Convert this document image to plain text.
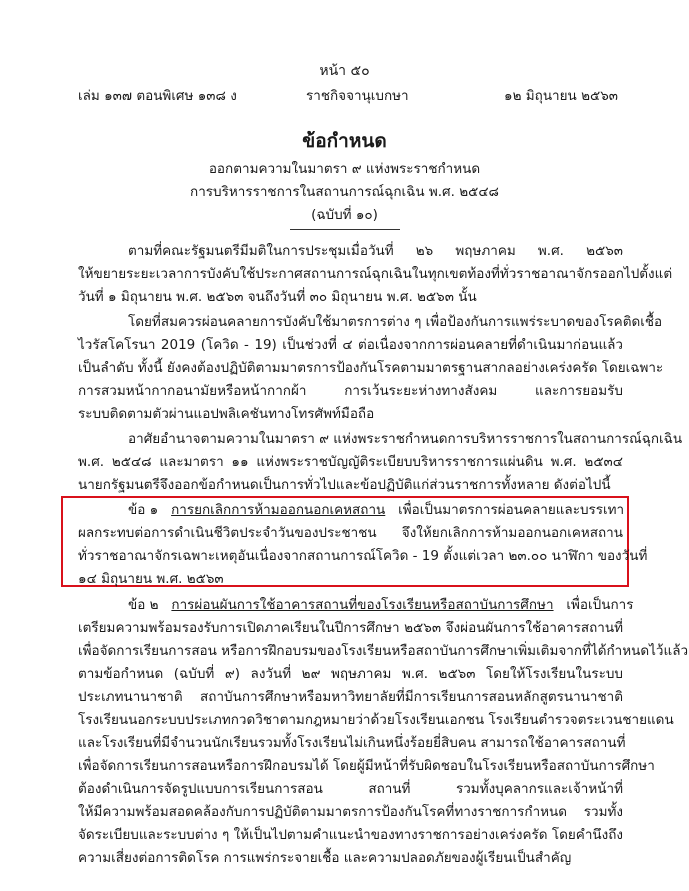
หน้า ๕๐
เล่ม ๑๓๗ ตอนพิเศษ ๑๓๘ ง	ราชกิจจานุเบกษา	๑๒ มิถุนายน ๒๕๖๓
ข้อกำหนด
ออกตามความในมาตรา ๙ แห่งพระราชกำหนด
การบริหารราชการในสถานการณ์ฉุกเฉิน พ.ศ. ๒๕๔๘
(ฉบับที่ ๑๐)
ตามที่คณะรัฐมนตรีมีมติในการประชุมเมื่อวันที่ ๒๖ พฤษภาคม พ.ศ. ๒๕๖๓
ให้ขยายระยะเวลาการบังคับใช้ประกาศสถานการณ์ฉุกเฉินในทุกเขตท้องที่ทั่วราชอาณาจักรออกไปตั้งแต่
วันที่ ๑ มิถุนายน พ.ศ. ๒๕๖๓ จนถึงวันที่ ๓๐ มิถุนายน พ.ศ. ๒๕๖๓ นั้น
โดยที่สมควรผ่อนคลายการบังคับใช้มาตรการต่าง ๆ เพื่อป้องกันการแพร่ระบาดของโรคติดเชื้อ
ไวรัสโคโรนา 2019 (โควิด - 19) เป็นช่วงที่ ๔ ต่อเนื่องจากการผ่อนคลายที่ดำเนินมาก่อนแล้ว
เป็นลำดับ ทั้งนี้ ยังคงต้องปฏิบัติตามมาตรการป้องกันโรคตามมาตรฐานสากลอย่างเคร่งครัด โดยเฉพาะ
การสวมหน้ากากอนามัยหรือหน้ากากผ้า การเว้นระยะห่างทางสังคม และการยอมรับ
ระบบติดตามตัวผ่านแอปพลิเคชันทางโทรศัพท์มือถือ
อาศัยอำนาจตามความในมาตรา ๙ แห่งพระราชกำหนดการบริหารราชการในสถานการณ์ฉุกเฉิน
พ.ศ. ๒๕๔๘ และมาตรา ๑๑ แห่งพระราชบัญญัติระเบียบบริหารราชการแผ่นดิน พ.ศ. ๒๕๓๔
นายกรัฐมนตรีจึงออกข้อกำหนดเป็นการทั่วไปและข้อปฏิบัติแก่ส่วนราชการทั้งหลาย ดังต่อไปนี้
ข้อ ๑ การยกเลิกการห้ามออกนอกเคหสถาน เพื่อเป็นมาตรการผ่อนคลายและบรรเทา
ผลกระทบต่อการดำเนินชีวิตประจำวันของประชาชน จึงให้ยกเลิกการห้ามออกนอกเคหสถาน
ทั่วราชอาณาจักรเฉพาะเหตุอันเนื่องจากสถานการณ์โควิด - 19 ตั้งแต่เวลา ๒๓.๐๐ นาฬิกา ของวันที่
๑๔ มิถุนายน พ.ศ. ๒๕๖๓
ข้อ ๒ การผ่อนผันการใช้อาคารสถานที่ของโรงเรียนหรือสถาบันการศึกษา เพื่อเป็นการ
เตรียมความพร้อมรองรับการเปิดภาคเรียนในปีการศึกษา ๒๕๖๓ จึงผ่อนผันการใช้อาคารสถานที่
เพื่อจัดการเรียนการสอน หรือการฝึกอบรมของโรงเรียนหรือสถาบันการศึกษาเพิ่มเติมจากที่ได้กำหนดไว้แล้ว
ตามข้อกำหนด (ฉบับที่ ๙) ลงวันที่ ๒๙ พฤษภาคม พ.ศ. ๒๕๖๓ โดยให้โรงเรียนในระบบ
ประเภทนานาชาติ สถาบันการศึกษาหรือมหาวิทยาลัยที่มีการเรียนการสอนหลักสูตรนานาชาติ
โรงเรียนนอกระบบประเภทกวดวิชาตามกฎหมายว่าด้วยโรงเรียนเอกชน โรงเรียนตำรวจตระเวนชายแดน
และโรงเรียนที่มีจำนวนนักเรียนรวมทั้งโรงเรียนไม่เกินหนึ่งร้อยยี่สิบคน สามารถใช้อาคารสถานที่
เพื่อจัดการเรียนการสอนหรือการฝึกอบรมได้ โดยผู้มีหน้าที่รับผิดชอบในโรงเรียนหรือสถาบันการศึกษา
ต้องดำเนินการจัดรูปแบบการเรียนการสอน สถานที่ รวมทั้งบุคลากรและเจ้าหน้าที่
ให้มีความพร้อมสอดคล้องกับการปฏิบัติตามมาตรการป้องกันโรคที่ทางราชการกำหนด รวมทั้ง
จัดระเบียบและระบบต่าง ๆ ให้เป็นไปตามคำแนะนำของทางราชการอย่างเคร่งครัด โดยคำนึงถึง
ความเสี่ยงต่อการติดโรค การแพร่กระจายเชื้อ และความปลอดภัยของผู้เรียนเป็นสำคัญ
